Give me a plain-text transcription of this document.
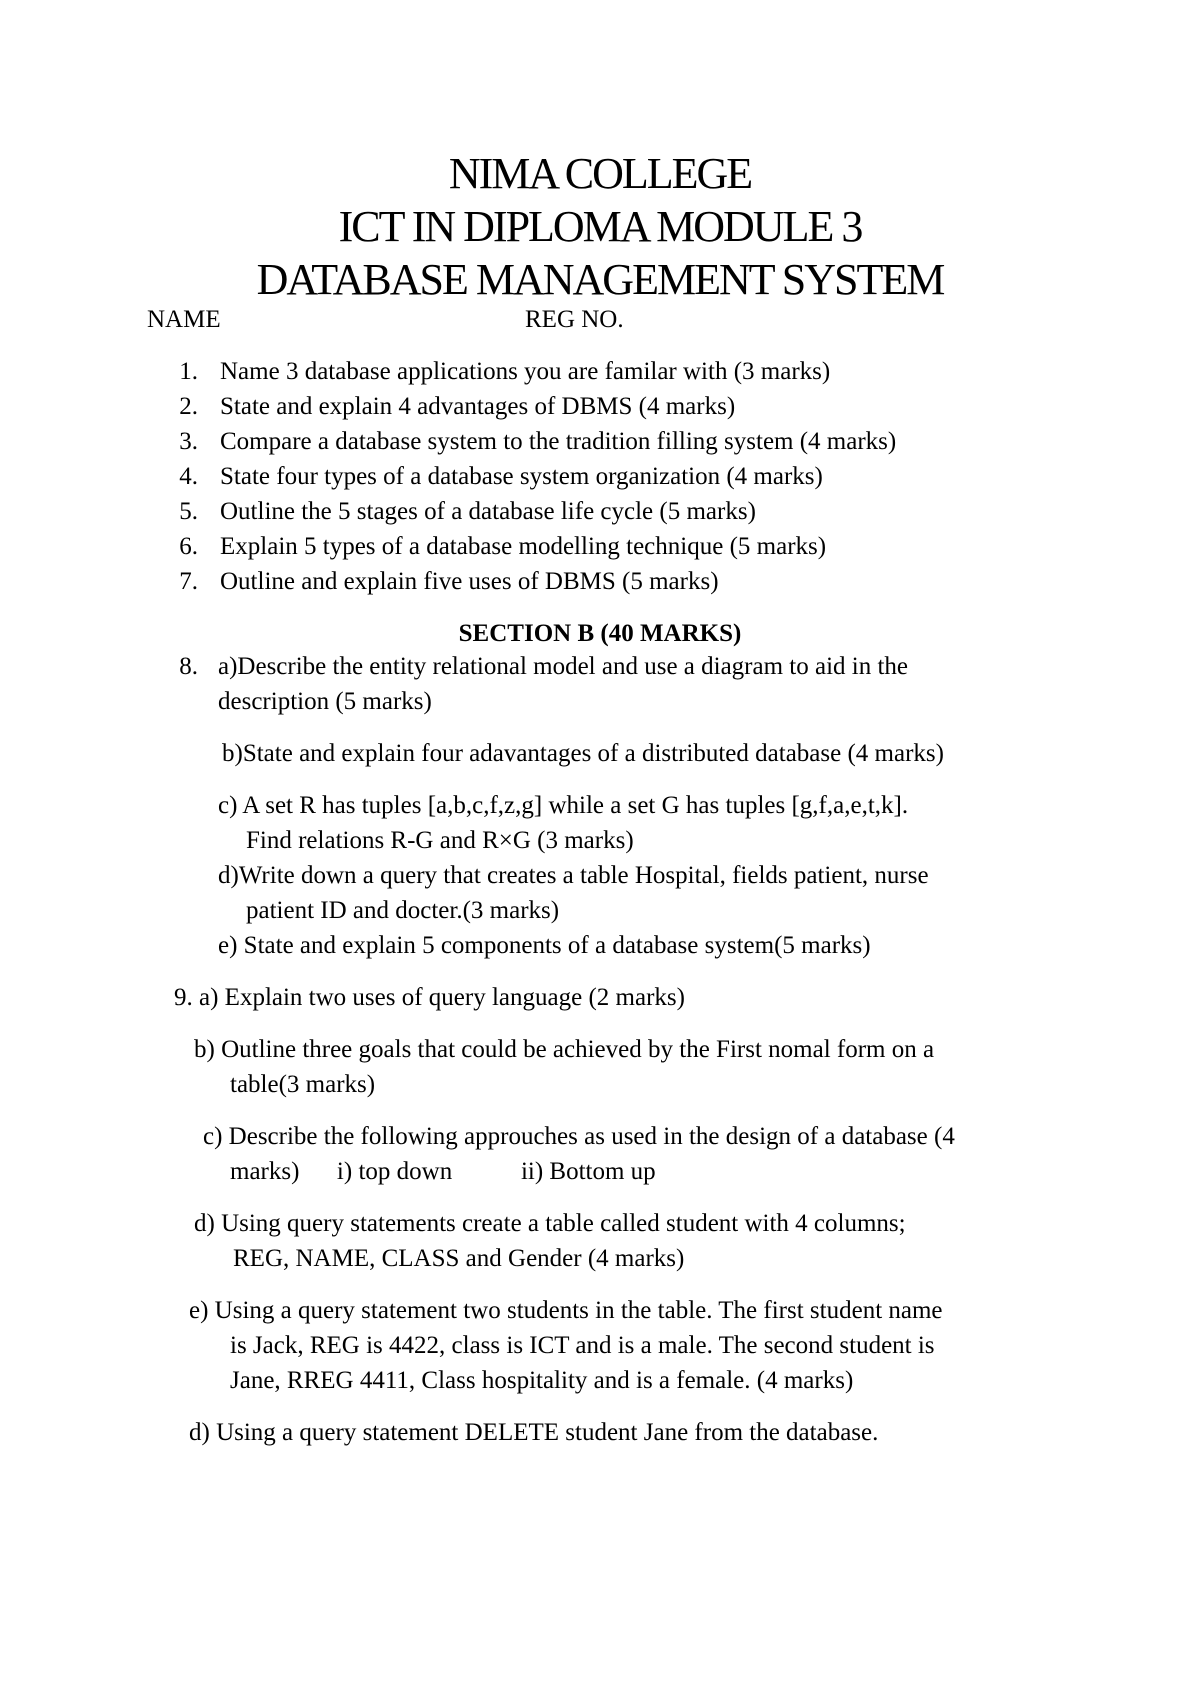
NIMA COLLEGE
ICT IN DIPLOMA MODULE 3
DATABASE MANAGEMENT SYSTEM
NAME	REG NO.
1. Name 3 database applications you are familar with (3 marks)
2. State and explain 4 advantages of DBMS (4 marks)
3. Compare a database system to the tradition filling system (4 marks)
4. State four types of a database system organization (4 marks)
5. Outline the 5 stages of a database life cycle (5 marks)
6. Explain 5 types of a database modelling technique (5 marks)
7. Outline and explain five uses of DBMS (5 marks)
SECTION B (40 MARKS)
8. a)Describe the entity relational model and use a diagram to aid in the
description (5 marks)
b)State and explain four adavantages of a distributed database (4 marks)
c) A set R has tuples [a,b,c,f,z,g] while a set G has tuples [g,f,a,e,t,k].
Find relations R-G and R×G (3 marks)
d)Write down a query that creates a table Hospital, fields patient, nurse
patient ID and docter.(3 marks)
e) State and explain 5 components of a database system(5 marks)
9. a) Explain two uses of query language (2 marks)
b) Outline three goals that could be achieved by the First nomal form on a
table(3 marks)
c) Describe the following approuches as used in the design of a database (4
marks)      i) top down           ii) Bottom up
d) Using query statements create a table called student with 4 columns;
REG, NAME, CLASS and Gender (4 marks)
e) Using a query statement two students in the table. The first student name
is Jack, REG is 4422, class is ICT and is a male. The second student is
Jane, RREG 4411, Class hospitality and is a female. (4 marks)
d) Using a query statement DELETE student Jane from the database.
